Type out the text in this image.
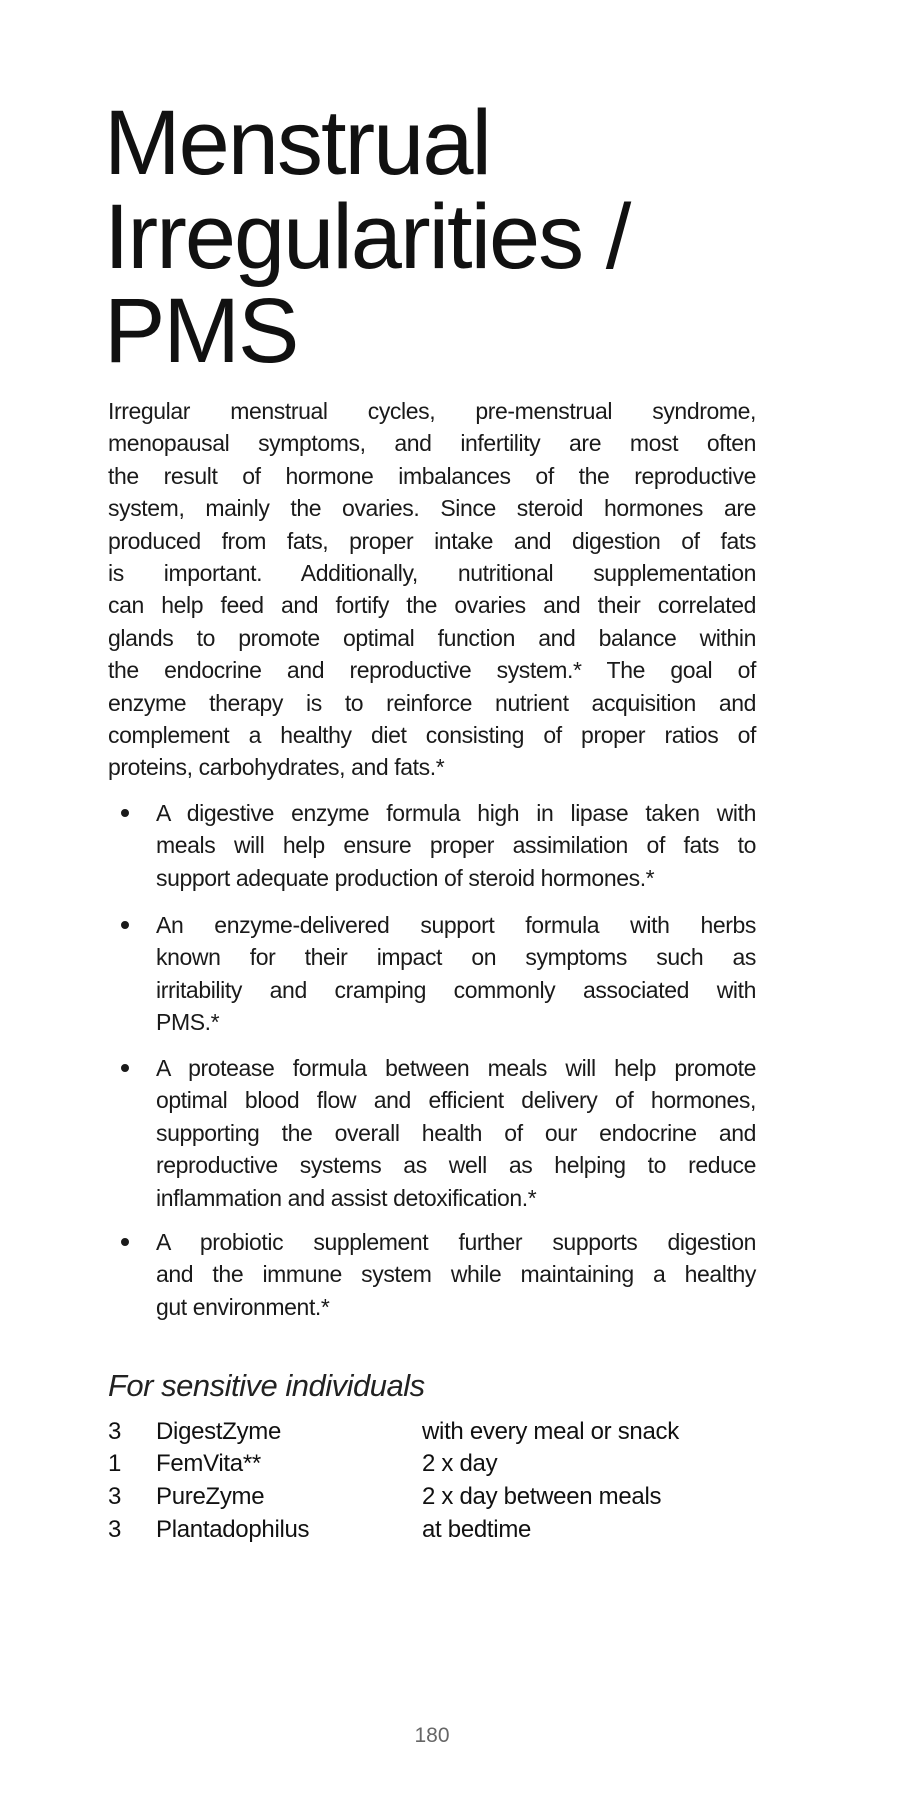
Menstrual
Irregularities /
PMS
Irregular menstrual cycles, pre-menstrual syndrome,
menopausal symptoms, and infertility are most often
the result of hormone imbalances of the reproductive
system, mainly the ovaries. Since steroid hormones are
produced from fats, proper intake and digestion of fats
is important. Additionally, nutritional supplementation
can help feed and fortify the ovaries and their correlated
glands to promote optimal function and balance within
the endocrine and reproductive system.* The goal of
enzyme therapy is to reinforce nutrient acquisition and
complement a healthy diet consisting of proper ratios of
proteins, carbohydrates, and fats.*
A digestive enzyme formula high in lipase taken with
meals will help ensure proper assimilation of fats to
support adequate production of steroid hormones.*
An enzyme-delivered support formula with herbs
known for their impact on symptoms such as
irritability and cramping commonly associated with
PMS.*
A protease formula between meals will help promote
optimal blood flow and efficient delivery of hormones,
supporting the overall health of our endocrine and
reproductive systems as well as helping to reduce
inflammation and assist detoxification.*
A probiotic supplement further supports digestion
and the immune system while maintaining a healthy
gut environment.*
For sensitive individuals
3 DigestZyme	with every meal or snack
1 FemVita**	2 x day
3 PureZyme	2 x day between meals
3 Plantadophilus	at bedtime
180
